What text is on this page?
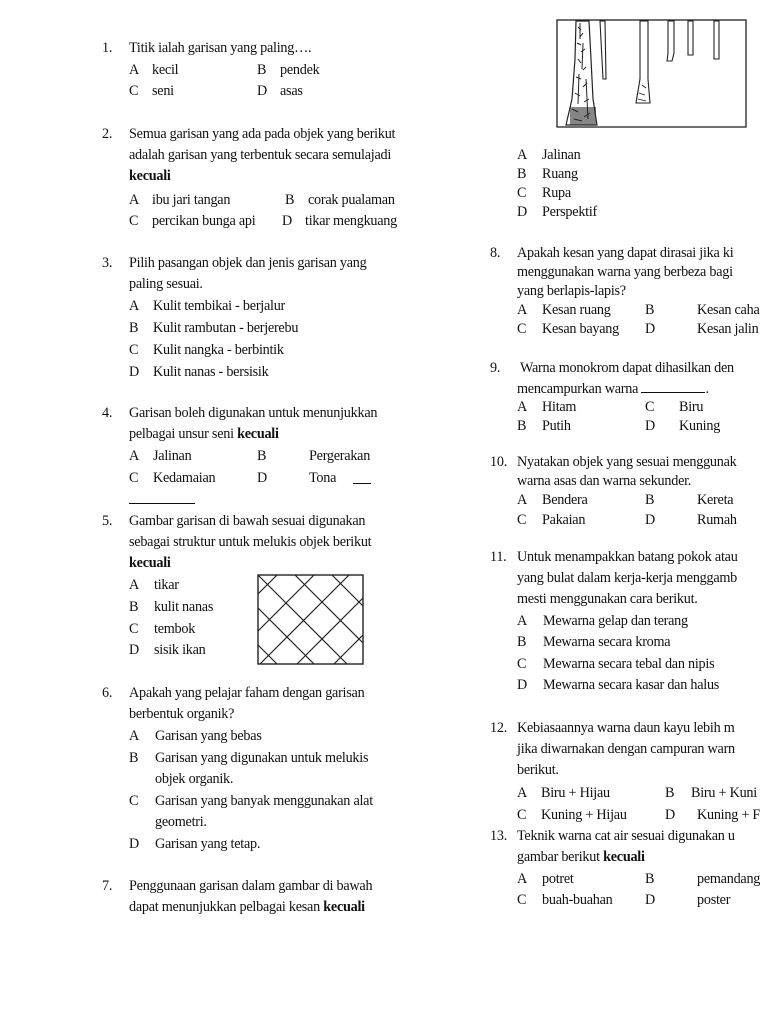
1. Titik ialah garisan yang paling….
A kecil	B pendek
C seni	D asas
2. Semua garisan yang ada pada objek yang berikut
adalah garisan yang terbentuk secara semulajadi
kecuali
A ibu jari tangan	B corak pualaman
C percikan bunga api D tikar mengkuang
3. Pilih pasangan objek dan jenis garisan yang
paling sesuai.
A Kulit tembikai - berjalur
B Kulit rambutan - berjerebu
C Kulit nangka - berbintik
D Kulit nanas - bersisik
4. Garisan boleh digunakan untuk menunjukkan
pelbagai unsur seni kecuali
A Jalinan	B	Pergerakan
C Kedamaian	D	Tona
5. Gambar garisan di bawah sesuai digunakan
sebagai struktur untuk melukis objek berikut
kecuali
A tikar
B kulit nanas
C tembok
D sisik ikan
6. Apakah yang pelajar faham dengan garisan
berbentuk organik?
A Garisan yang bebas
B Garisan yang digunakan untuk melukis
objek organik.
C Garisan yang banyak menggunakan alat
geometri.
D Garisan yang tetap.
7. Penggunaan garisan dalam gambar di bawah
dapat menunjukkan pelbagai kesan kecuali
A Jalinan
B Ruang
C Rupa
D Perspektif
8. Apakah kesan yang dapat dirasai jika ki
menggunakan warna yang berbeza bagi
yang berlapis-lapis?
A Kesan ruang B	Kesan caha
C Kesan bayang D	Kesan jalin
9. Warna monokrom dapat dihasilkan den
mencampurkan warna	.
A Hitam	C Biru
B Putih	D Kuning
10. Nyatakan objek yang sesuai menggunak
warna asas dan warna sekunder.
A Bendera	B	Kereta
C Pakaian	D	Rumah
11. Untuk menampakkan batang pokok atau
yang bulat dalam kerja-kerja menggamb
mesti menggunakan cara berikut.
A Mewarna gelap dan terang
B Mewarna secara kroma
C Mewarna secara tebal dan nipis
D Mewarna secara kasar dan halus
12. Kebiasaannya warna daun kayu lebih m
jika diwarnakan dengan campuran warn
berikut.
A Biru + Hijau	B Biru + Kuni
C Kuning + Hijau	D Kuning + F
13. Teknik warna cat air sesuai digunakan u
gambar berikut kecuali
A potret	B	pemandang
C buah-buahan D	poster
